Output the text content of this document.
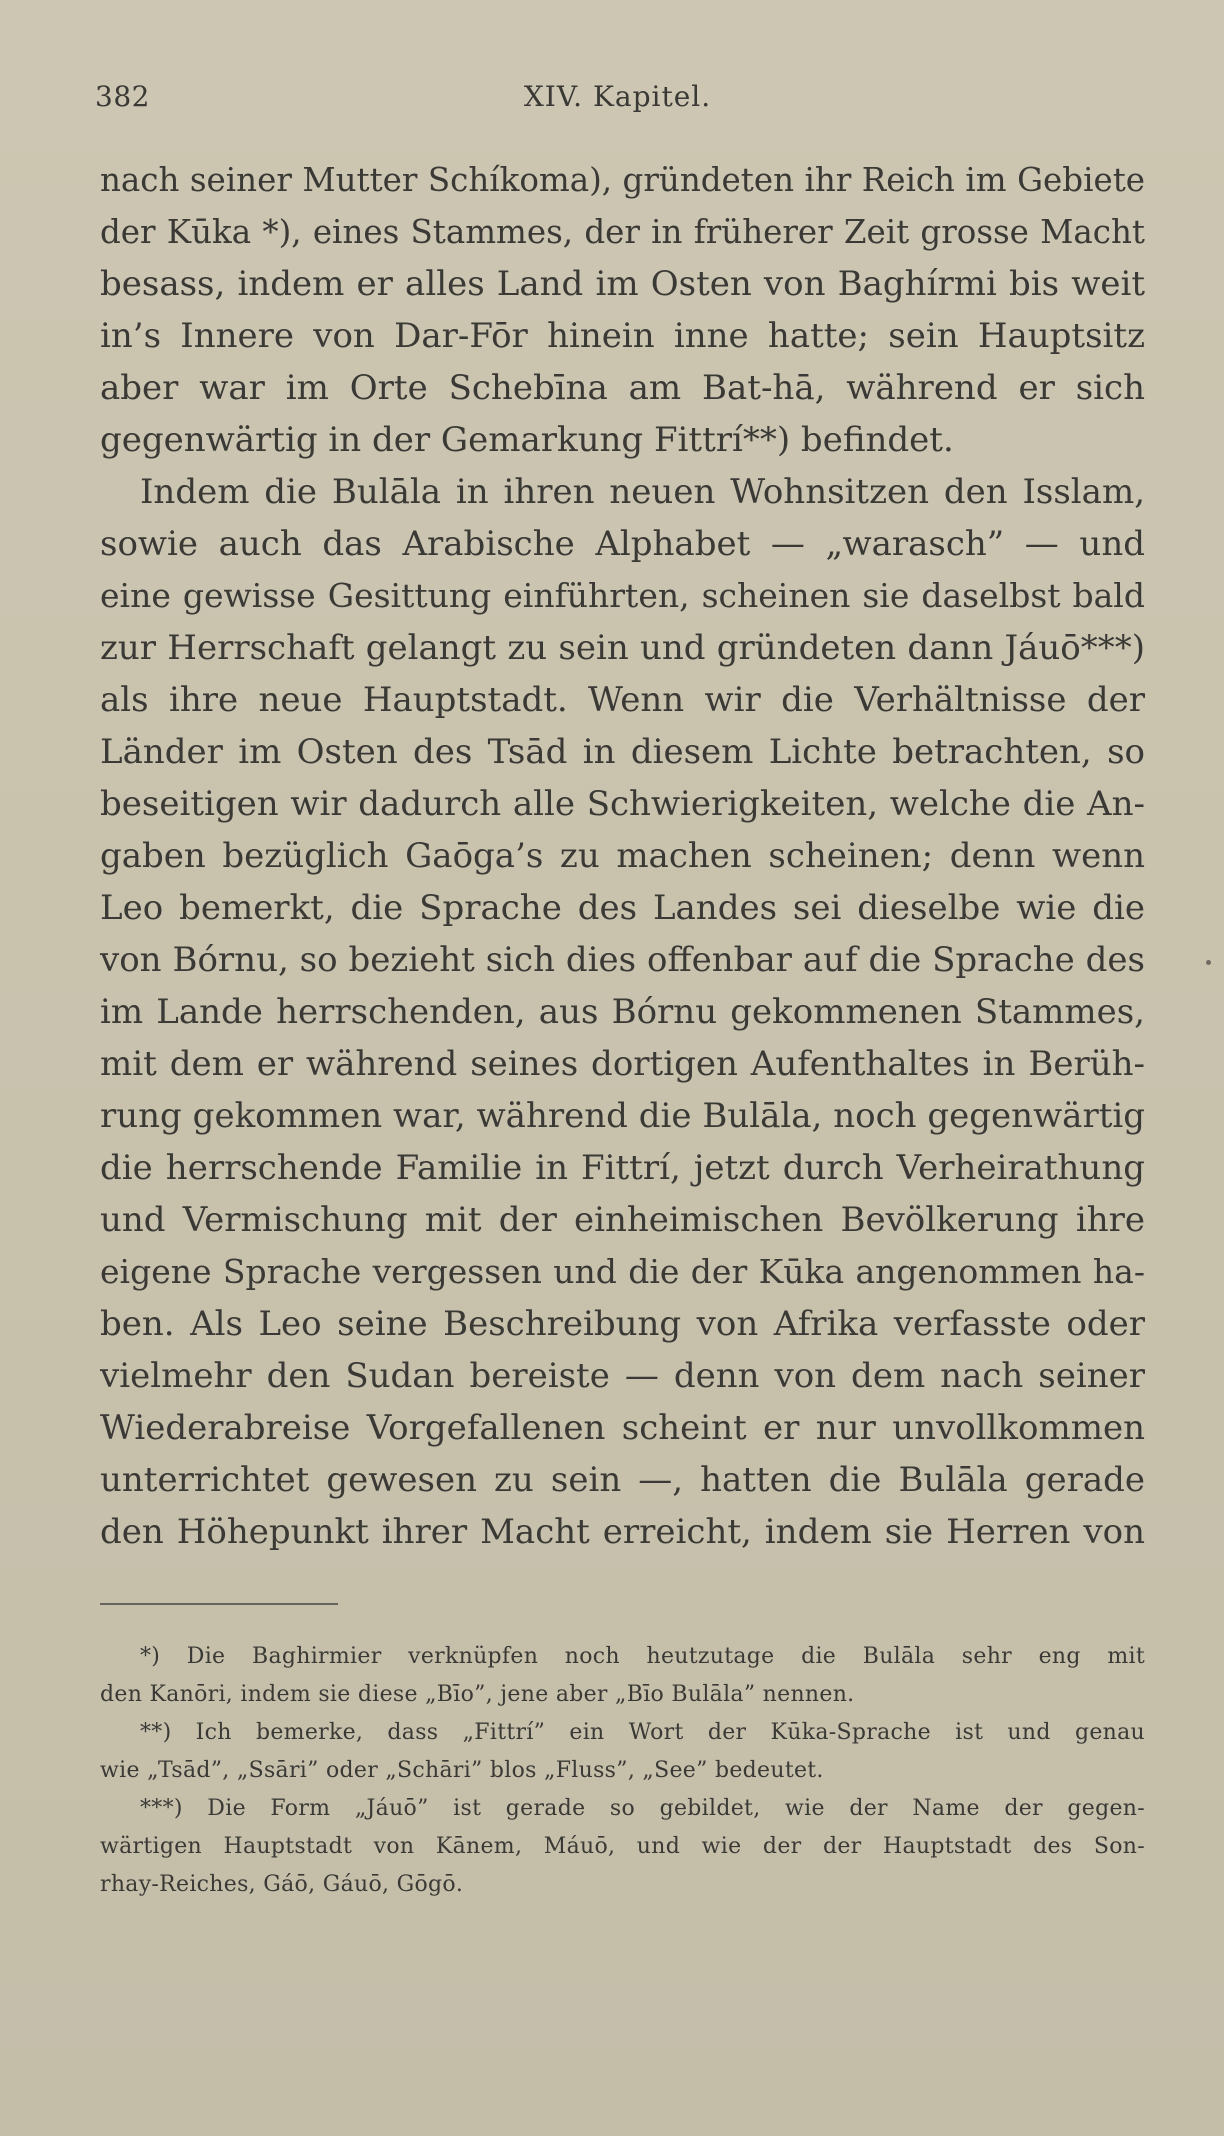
382	XIV. Kapitel.
nach seiner Mutter Schíkoma), gründeten ihr Reich im Gebiete
der Kūka *), eines Stammes, der in früherer Zeit grosse Macht
besass, indem er alles Land im Osten von Baghírmi bis weit
in’s Innere von Dar-Fōr hinein inne hatte; sein Hauptsitz
aber war im Orte Schebīna am Bat-hā, während er sich
gegenwärtig in der Gemarkung Fittrí**) befindet.
Indem die Bulāla in ihren neuen Wohnsitzen den Isslam,
sowie auch das Arabische Alphabet — „warasch” — und
eine gewisse Gesittung einführten, scheinen sie daselbst bald
zur Herrschaft gelangt zu sein und gründeten dann Jáuō***)
als ihre neue Hauptstadt. Wenn wir die Verhältnisse der
Länder im Osten des Tsād in diesem Lichte betrachten, so
beseitigen wir dadurch alle Schwierigkeiten, welche die An-
gaben bezüglich Gaōga’s zu machen scheinen; denn wenn
Leo bemerkt, die Sprache des Landes sei dieselbe wie die
von Bórnu, so bezieht sich dies offenbar auf die Sprache des
im Lande herrschenden, aus Bórnu gekommenen Stammes,
mit dem er während seines dortigen Aufenthaltes in Berüh-
rung gekommen war, während die Bulāla, noch gegenwärtig
die herrschende Familie in Fittrí, jetzt durch Verheirathung
und Vermischung mit der einheimischen Bevölkerung ihre
eigene Sprache vergessen und die der Kūka angenommen ha-
ben. Als Leo seine Beschreibung von Afrika verfasste oder
vielmehr den Sudan bereiste — denn von dem nach seiner
Wiederabreise Vorgefallenen scheint er nur unvollkommen
unterrichtet gewesen zu sein —, hatten die Bulāla gerade
den Höhepunkt ihrer Macht erreicht, indem sie Herren von
*) Die Baghirmier verknüpfen noch heutzutage die Bulāla sehr eng mit
den Kanōri, indem sie diese „Bīo”, jene aber „Bīo Bulāla” nennen.
**) Ich bemerke, dass „Fittrí” ein Wort der Kūka-Sprache ist und genau
wie „Tsād”, „Ssāri” oder „Schāri” blos „Fluss”, „See” bedeutet.
***) Die Form „Jáuō” ist gerade so gebildet, wie der Name der gegen-
wärtigen Hauptstadt von Kānem, Máuō, und wie der der Hauptstadt des Son-
rhay-Reiches, Gáō, Gáuō, Gōgō.
